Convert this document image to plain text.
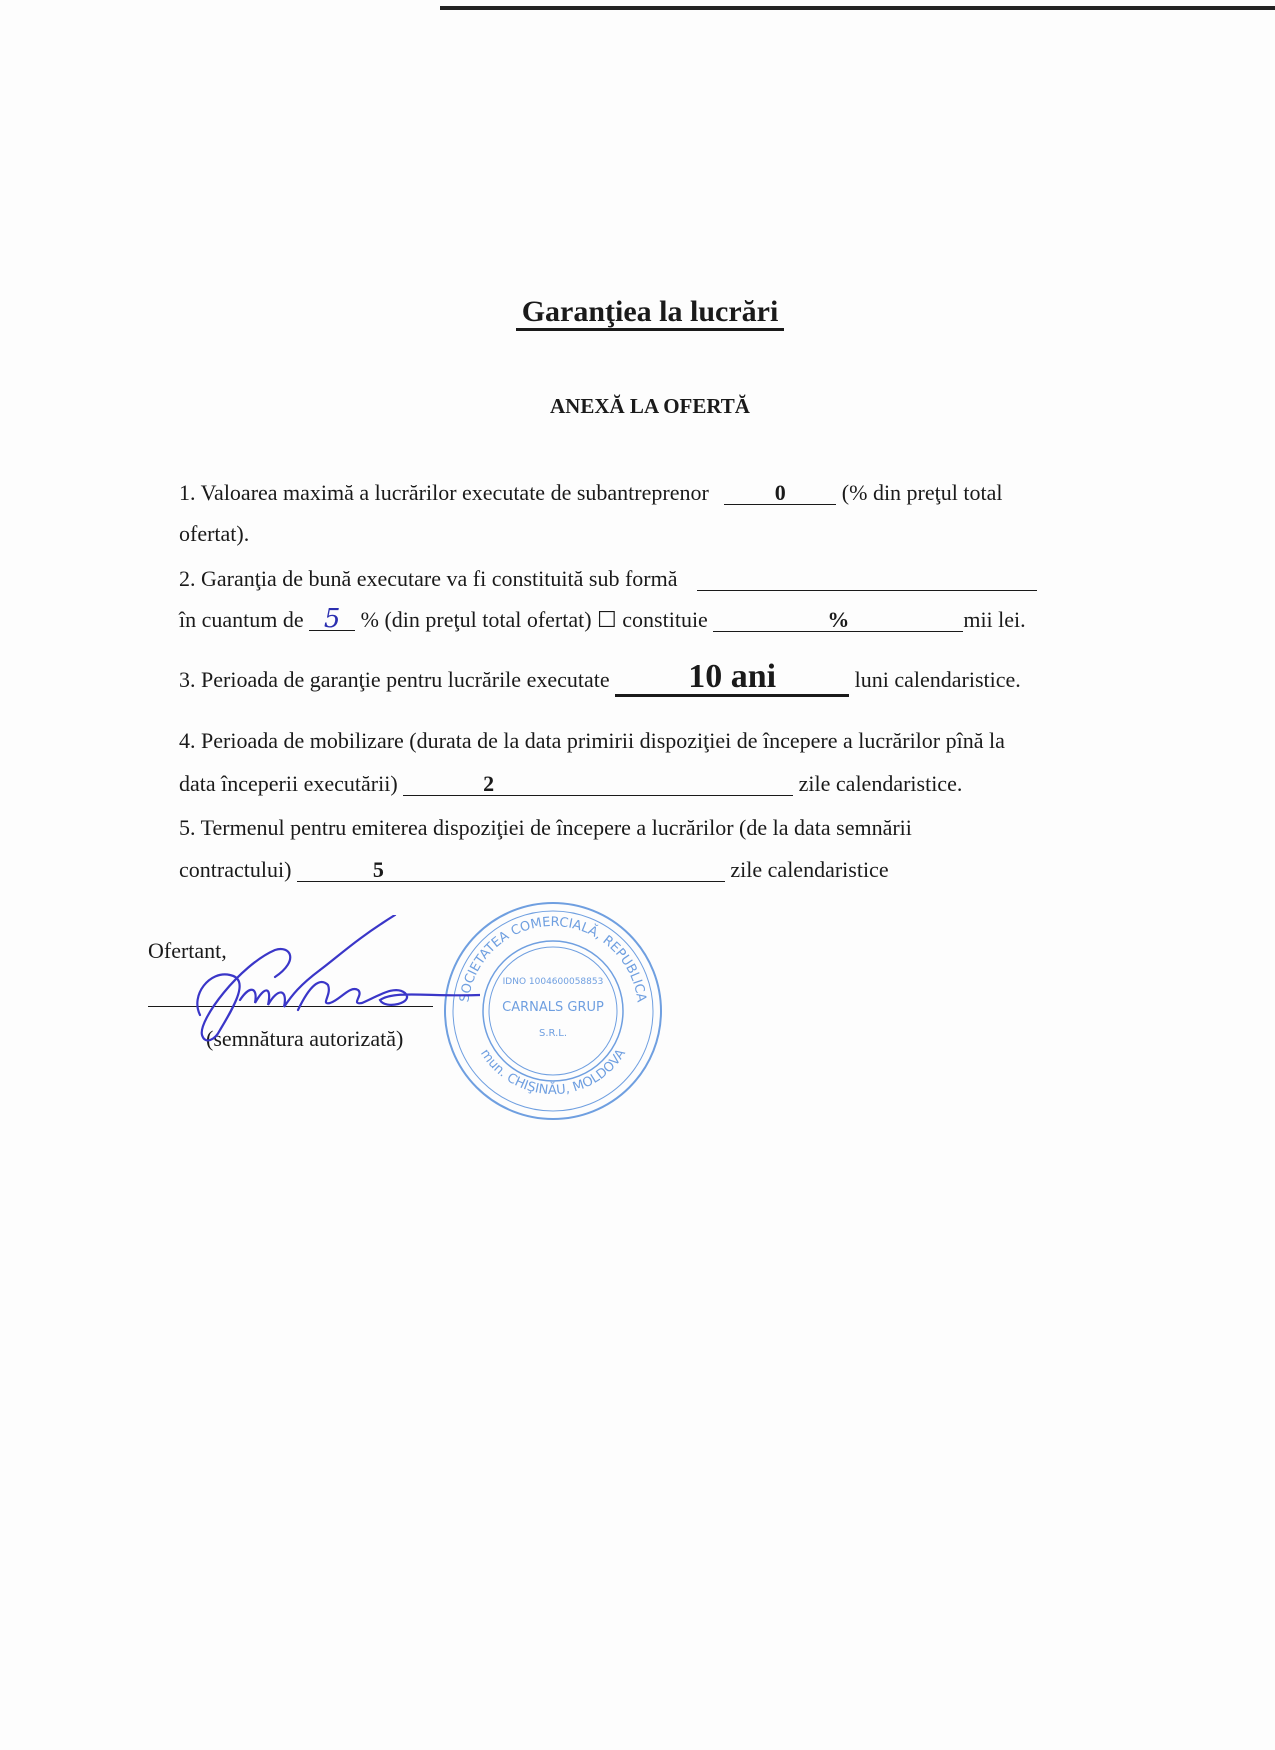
Garanţiea la lucrări
ANEXĂ LA OFERTĂ
1. Valoarea maximă a lucrărilor executate de subantreprenor	0	(% din preţul total
ofertat).
2. Garanţia de bună executare va fi constituită sub formă
în cuantum de 5 % (din preţul total ofertat) ☐ constituie	%	mii lei.
3. Perioada de garanţie pentru lucrările executate 10 ani	luni calendaristice.
4. Perioada de mobilizare (durata de la data primirii dispoziţiei de începere a lucrărilor pînă la
data începerii executării)	2	zile calendaristice.
5. Termenul pentru emiterea dispoziţiei de începere a lucrărilor (de la data semnării
contractului)	5	zile calendaristice
Ofertant,
(semnătura autorizată)
SOCIETATEA COMERCIALĂ, REPUBLICA
mun. CHIŞINĂU, MOLDOVA
IDNO 1004600058853
CARNALS GRUP
S.R.L.
